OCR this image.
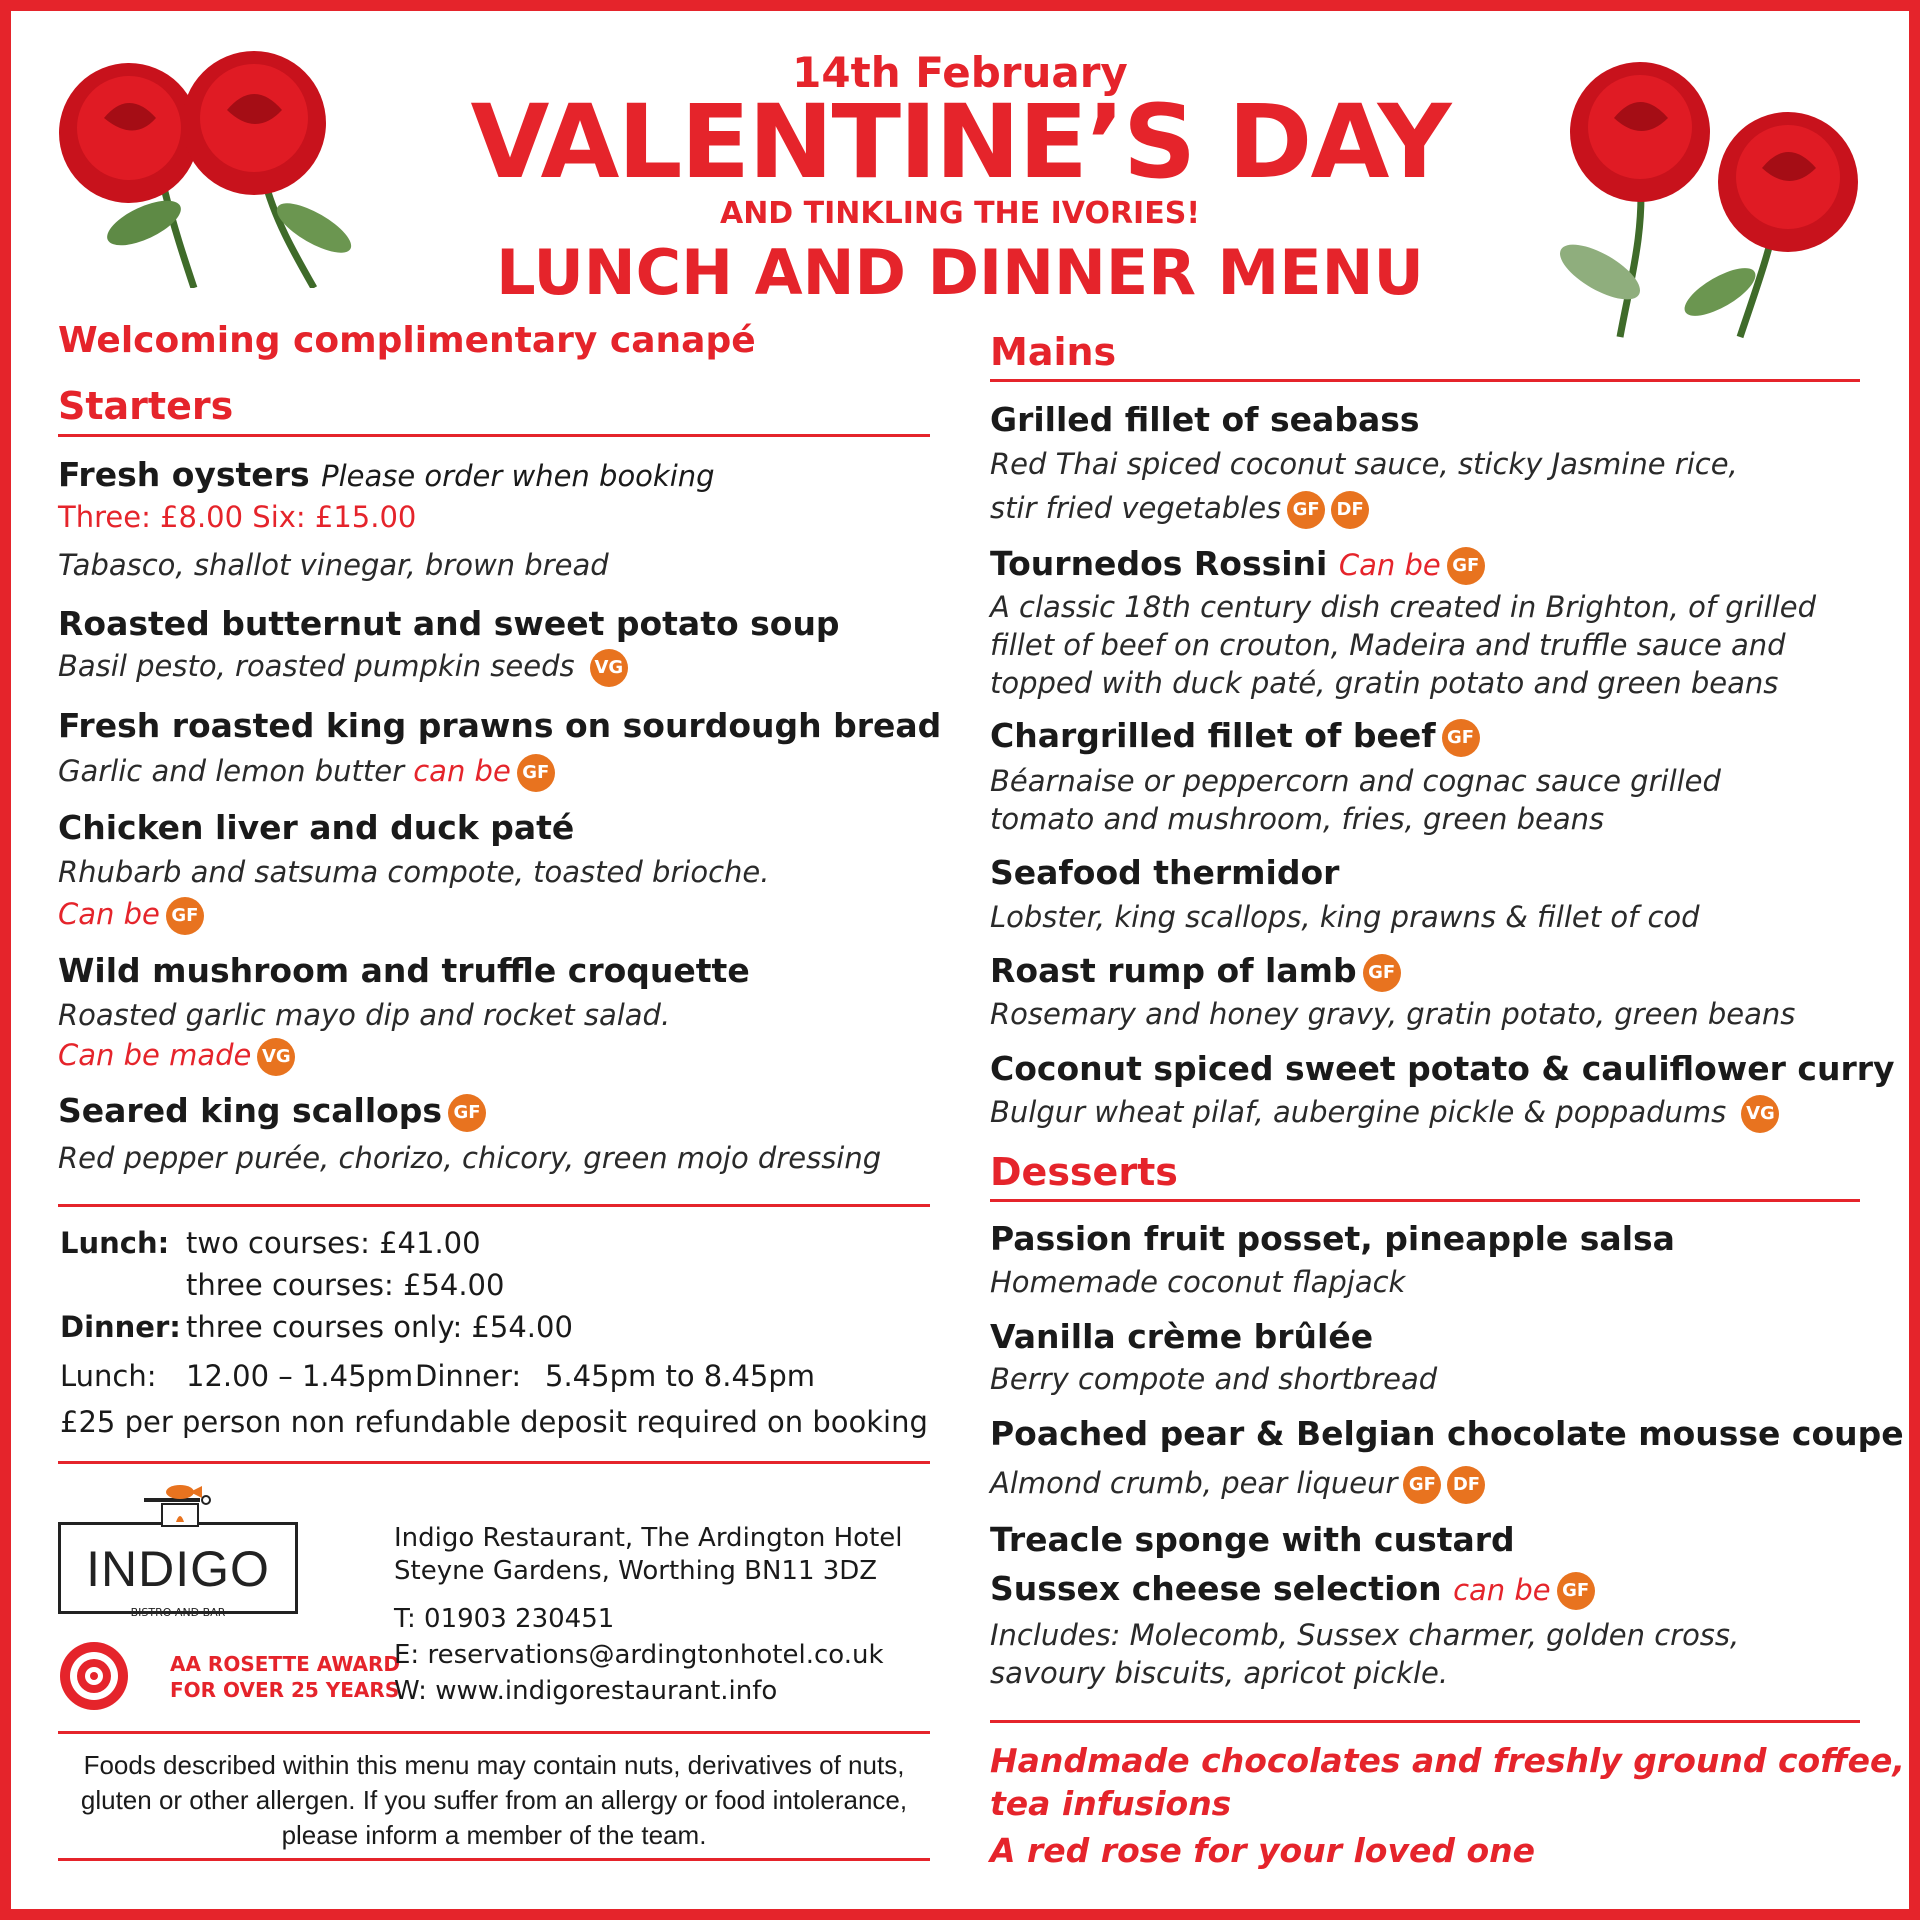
14th February
VALENTINE’S DAY
AND TINKLING THE IVORIES!
LUNCH AND DINNER MENU
Welcoming complimentary canapé
Starters
Fresh oysters Please order when booking
Three: £8.00 Six: £15.00
Tabasco, shallot vinegar, brown bread
Roasted butternut and sweet potato soup
Basil pesto, roasted pumpkin seeds VG
Fresh roasted king prawns on sourdough bread
Garlic and lemon butter can be GF
Chicken liver and duck paté
Rhubarb and satsuma compote, toasted brioche.
Can be GF
Wild mushroom and truffle croquette
Roasted garlic mayo dip and rocket salad.
Can be made VG
Seared king scallops GF
Red pepper purée, chorizo, chicory, green mojo dressing
Lunch: two courses: £41.00
three courses: £54.00
Dinner: three courses only: £54.00
Lunch: 12.00 – 1.45pm Dinner: 5.45pm to 8.45pm
£25 per person non refundable deposit required on booking
INDIGO
BISTRO AND BAR
AA ROSETTE AWARD
FOR OVER 25 YEARS
Indigo Restaurant, The Ardington Hotel
Steyne Gardens, Worthing BN11 3DZ
T: 01903 230451
E: reservations@ardingtonhotel.co.uk
W: www.indigorestaurant.info
Foods described within this menu may contain nuts, derivatives of nuts,
gluten or other allergen. If you suffer from an allergy or food intolerance,
please inform a member of the team.
Mains
Grilled fillet of seabass
Red Thai spiced coconut sauce, sticky Jasmine rice,
stir fried vegetables GF DF
Tournedos Rossini Can be GF
A classic 18th century dish created in Brighton, of grilled
fillet of beef on crouton, Madeira and truffle sauce and
topped with duck paté, gratin potato and green beans
Chargrilled fillet of beef GF
Béarnaise or peppercorn and cognac sauce grilled
tomato and mushroom, fries, green beans
Seafood thermidor
Lobster, king scallops, king prawns & fillet of cod
Roast rump of lamb GF
Rosemary and honey gravy, gratin potato, green beans
Coconut spiced sweet potato & cauliflower curry
Bulgur wheat pilaf, aubergine pickle & poppadums VG
Desserts
Passion fruit posset, pineapple salsa
Homemade coconut flapjack
Vanilla crème brûlée
Berry compote and shortbread
Poached pear & Belgian chocolate mousse coupe
Almond crumb, pear liqueur GF DF
Treacle sponge with custard
Sussex cheese selection can be GF
Includes: Molecomb, Sussex charmer, golden cross,
savoury biscuits, apricot pickle.
Handmade chocolates and freshly ground coffee,
tea infusions
A red rose for your loved one
